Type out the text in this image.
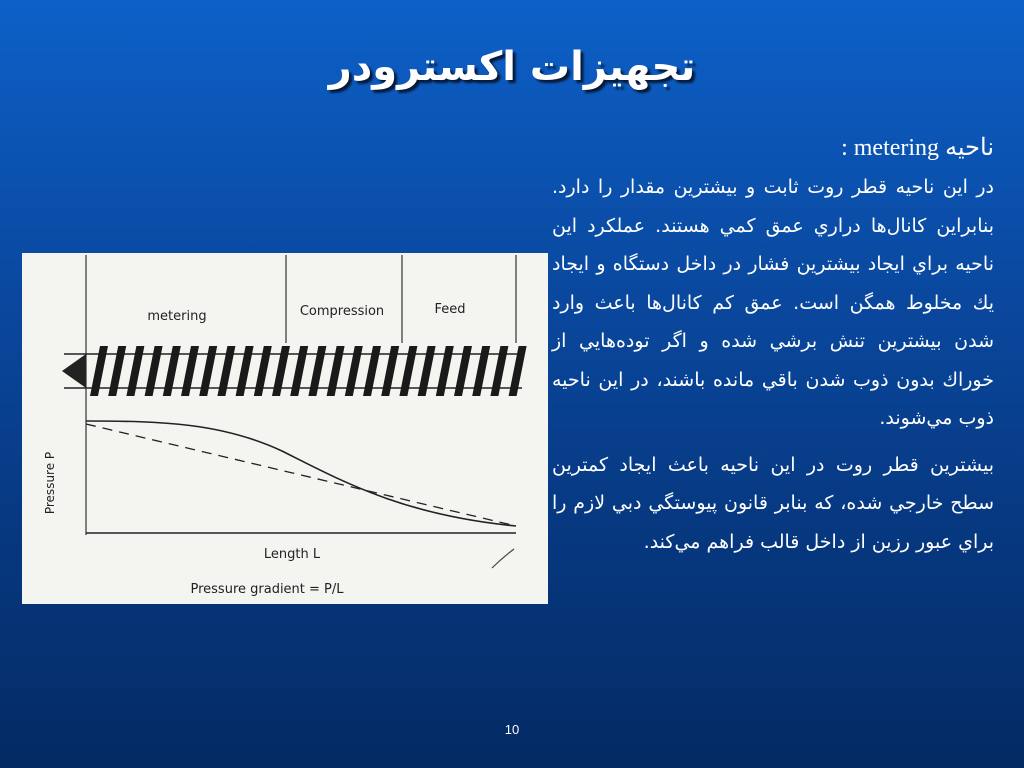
تجهيزات اکسترودر
ناحيه metering :

در اين ناحيه قطر روت ثابت و بيشترين مقدار را دارد. بنابراين کانال‌ها دراري عمق کمي هستند. عملکرد اين ناحيه براي ايجاد بيشترين فشار در داخل دستگاه و ايجاد يك مخلوط همگن است. عمق کم کانال‌ها باعث وارد شدن بيشترين تنش برشي شده و اگر توده‌هايي از خوراك بدون ذوب شدن باقي مانده باشند، در اين ناحيه ذوب مي‌شوند.

بيشترين قطر روت در اين ناحيه باعث ايجاد کمترين سطح خارجي شده، که بنابر قانون پيوستگي دبي لازم را براي عبور رزين از داخل قالب فراهم مي‌کند.

metering	Compression	Feed
Pressure P
Length L
Pressure gradient = P/L
10
